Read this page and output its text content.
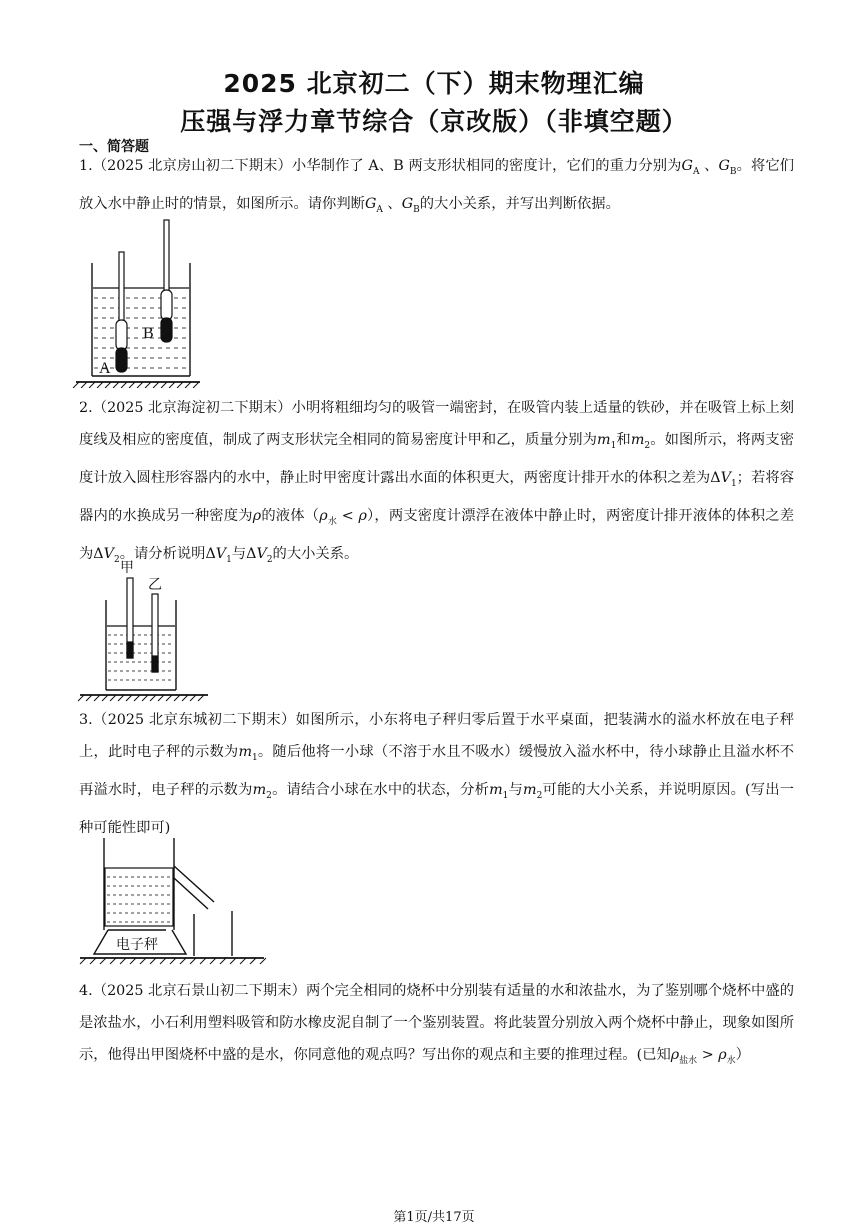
2025 北京初二（下）期末物理汇编
压强与浮力章节综合（京改版）（非填空题）
一、简答题
1.（2025 北京房山初二下期末）小华制作了 A、B 两支形状相同的密度计，它们的重力分别为$G_A$ 、$G_B$。将它们放入水中静止时的情景，如图所示。请你判断$G_A$ 、$G_B$的大小关系，并写出判断依据。
A
B
2.（2025 北京海淀初二下期末）小明将粗细均匀的吸管一端密封，在吸管内装上适量的铁砂，并在吸管上标上刻度线及相应的密度值，制成了两支形状完全相同的简易密度计甲和乙，质量分别为$m_1$和$m_2$。如图所示，将两支密度计放入圆柱形容器内的水中，静止时甲密度计露出水面的体积更大，两密度计排开水的体积之差为$\Delta V_1$；若将容器内的水换成另一种密度为ρ的液体$(\rho_水 < \rho)$，两支密度计漂浮在液体中静止时，两密度计排开液体的体积之差为$\Delta V_2$。请分析说明$\Delta V_1$与$\Delta V_2$的大小关系。
甲
乙
3.（2025 北京东城初二下期末）如图所示，小东将电子秤归零后置于水平桌面，把装满水的溢水杯放在电子秤上，此时电子秤的示数为$m_1$。随后他将一小球（不溶于水且不吸水）缓慢放入溢水杯中，待小球静止且溢水杯不再溢水时，电子秤的示数为$m_2$。请结合小球在水中的状态，分析$m_1$与$m_2$可能的大小关系，并说明原因。(写出一种可能性即可)
电子秤
4.（2025 北京石景山初二下期末）两个完全相同的烧杯中分别装有适量的水和浓盐水，为了鉴别哪个烧杯中盛的是浓盐水，小石利用塑料吸管和防水橡皮泥自制了一个鉴别装置。将此装置分别放入两个烧杯中静止，现象如图所示，他得出甲图烧杯中盛的是水，你同意他的观点吗？写出你的观点和主要的推理过程。(已知$\rho_{盐水} > \rho_水$）
第1页/共17页
